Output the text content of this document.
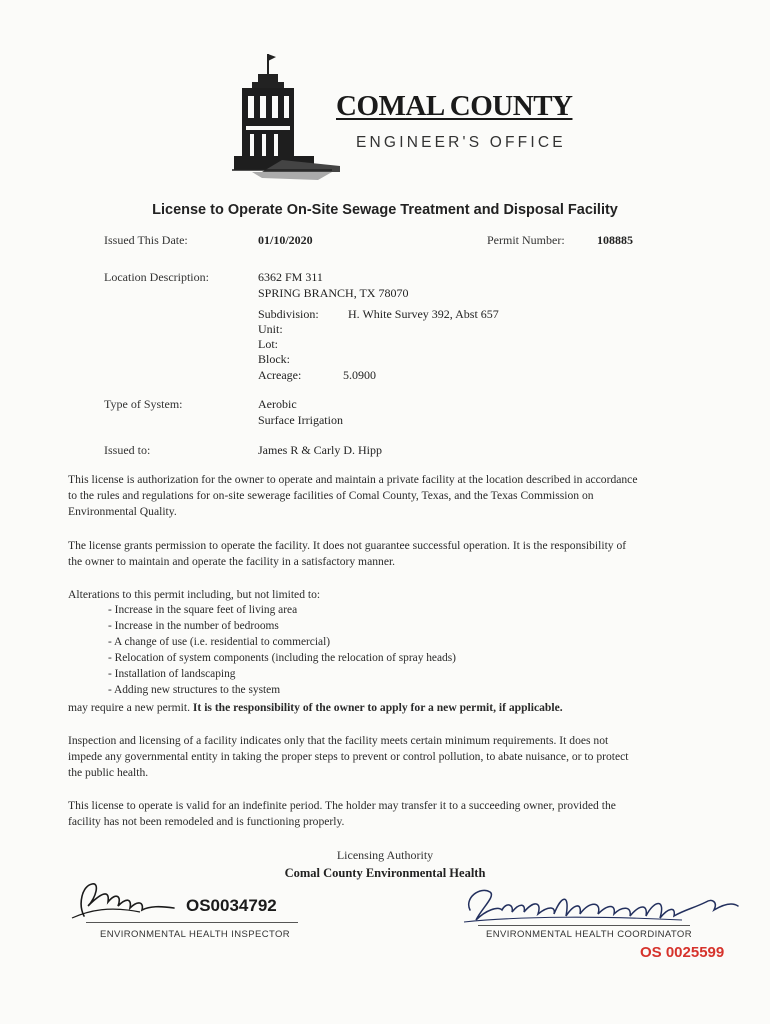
COMAL COUNTY
ENGINEER'S OFFICE
License to Operate On-Site Sewage Treatment and Disposal Facility
Issued This Date:	01/10/2020	Permit Number:	108885
Location Description:	6362 FM 311
SPRING BRANCH, TX 78070
Subdivision: H. White Survey 392, Abst 657
Unit:
Lot:
Block:
Acreage:	5.0900
Type of System:	Aerobic
Surface Irrigation
Issued to:	James R & Carly D. Hipp
This license is authorization for the owner to operate and maintain a private facility at the location described in accordance to the rules and regulations for on-site sewerage facilities of Comal County, Texas, and the Texas Commission on Environmental Quality.
The license grants permission to operate the facility. It does not guarantee successful operation. It is the responsibility of the owner to maintain and operate the facility in a satisfactory manner.
Alterations to this permit including, but not limited to:
- Increase in the square feet of living area
- Increase in the number of bedrooms
- A change of use (i.e. residential to commercial)
- Relocation of system components (including the relocation of spray heads)
- Installation of landscaping
- Adding new structures to the system
may require a new permit. It is the responsibility of the owner to apply for a new permit, if applicable.
Inspection and licensing of a facility indicates only that the facility meets certain minimum requirements. It does not impede any governmental entity in taking the proper steps to prevent or control pollution, to abate nuisance, or to protect the public health.
This license to operate is valid for an indefinite period. The holder may transfer it to a succeeding owner, provided the facility has not been remodeled and is functioning properly.
Licensing Authority
Comal County Environmental Health
OS0034792
ENVIRONMENTAL HEALTH INSPECTOR	ENVIRONMENTAL HEALTH COORDINATOR
OS 0025599
